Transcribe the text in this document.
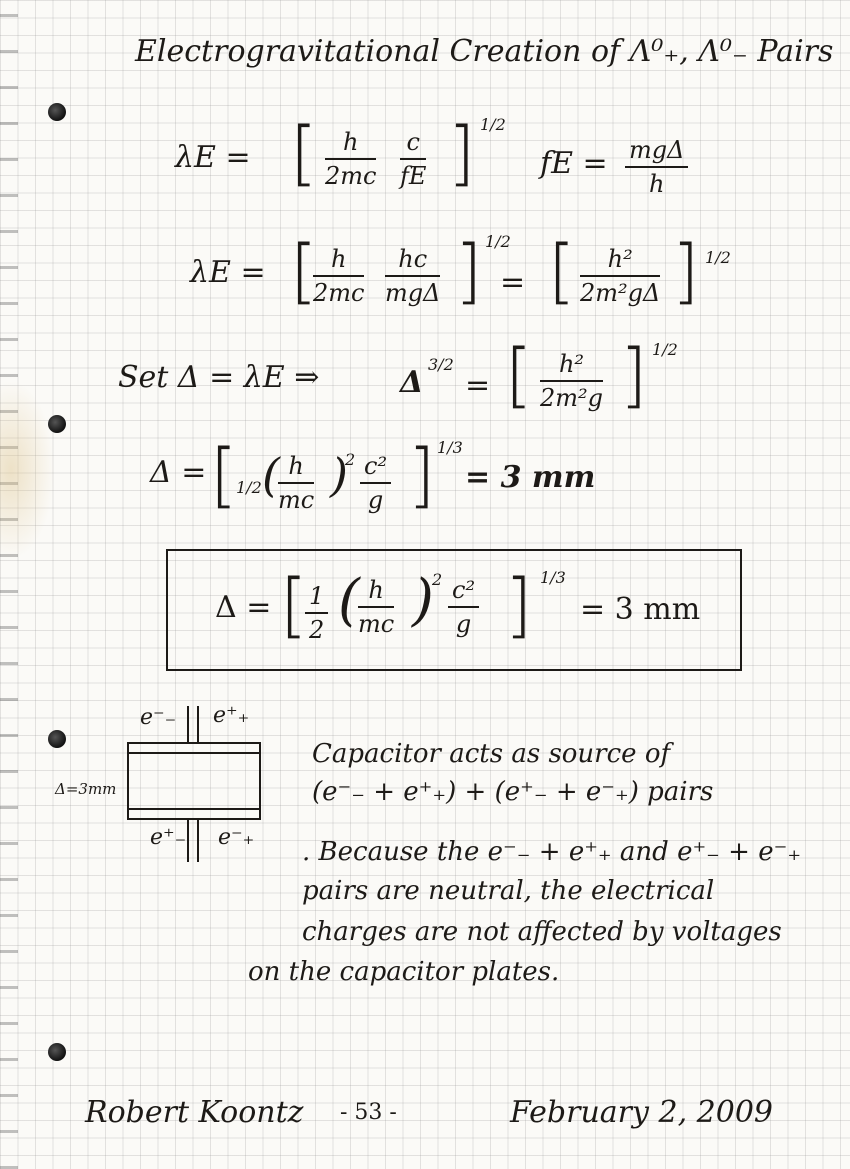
Electrogravitational Creation of Λ⁰₊, Λ⁰₋ Pairs
λE = [ $\frac{h}{2mc} \frac{c}{fE}$ ] 1/2
fE = mgΔ
h
λE = [
$\frac{h}{2mc}$	hc
mgΔ ] 1/2
= [ $\frac{\text{h²}}{\text{2m²gΔ}}$ ] 1/2
Set Δ = λE ⇒	Δ
3/2
= [ $\frac{\text{h²}}{\text{2m²g}}$ ] 1/2
Δ = [
1/2 (
$\frac{h}{mc}$ )
$2 \frac{\text{c²}}{g}$ ] 1/3
= 3 mm
Δ = [
$\frac{1}{2}$ (
$\frac{h}{mc}$ )
$2 \frac{\text{c²}}{g}$ ] 1/3
= 3 mm
e⁻₋ e⁺₊
e⁺₋ e⁻₊
Δ=3mm
Capacitor acts as source of
(e⁻₋ + e⁺₊) + (e⁺₋ + e⁻₊) pairs
. Because the e⁻₋ + e⁺₊ and e⁺₋ + e⁻₊
pairs are neutral, the electrical
charges are not affected by voltages
on the capacitor plates.
Robert Koontz - 53 -	February 2, 2009
